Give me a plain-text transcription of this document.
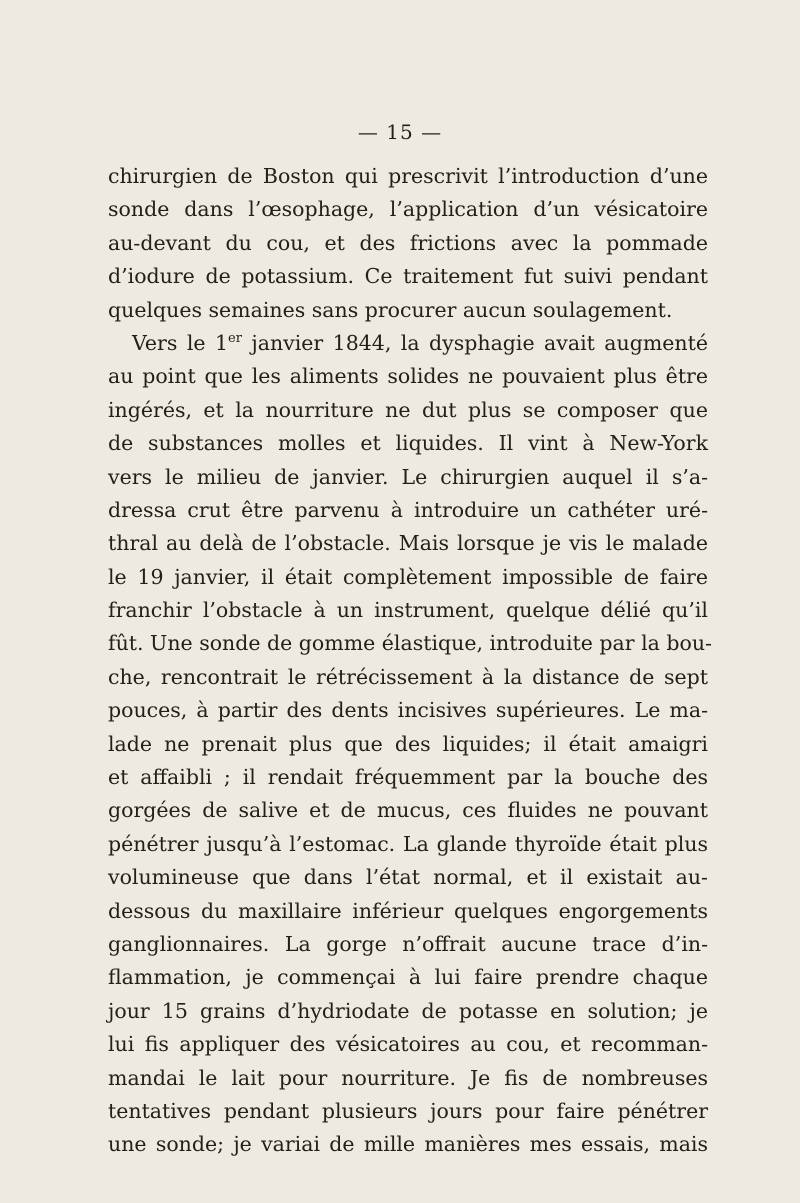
— 15 —
chirurgien de Boston qui prescrivit l’introduction d’une
sonde dans l’œsophage, l’application d’un vésicatoire
au-devant du cou, et des frictions avec la pommade
d’iodure de potassium. Ce traitement fut suivi pendant
quelques semaines sans procurer aucun soulagement.
Vers le 1er janvier 1844, la dysphagie avait augmenté
au point que les aliments solides ne pouvaient plus être
ingérés, et la nourriture ne dut plus se composer que
de substances molles et liquides. Il vint à New-York
vers le milieu de janvier. Le chirurgien auquel il s’a-
dressa crut être parvenu à introduire un cathéter uré-
thral au delà de l’obstacle. Mais lorsque je vis le malade
le 19 janvier, il était complètement impossible de faire
franchir l’obstacle à un instrument, quelque délié qu’il
fût. Une sonde de gomme élastique, introduite par la bou-
che, rencontrait le rétrécissement à la distance de sept
pouces, à partir des dents incisives supérieures. Le ma-
lade ne prenait plus que des liquides; il était amaigri
et affaibli ; il rendait fréquemment par la bouche des
gorgées de salive et de mucus, ces fluides ne pouvant
pénétrer jusqu’à l’estomac. La glande thyroïde était plus
volumineuse que dans l’état normal, et il existait au-
dessous du maxillaire inférieur quelques engorgements
ganglionnaires. La gorge n’offrait aucune trace d’in-
flammation, je commençai à lui faire prendre chaque
jour 15 grains d’hydriodate de potasse en solution; je
lui fis appliquer des vésicatoires au cou, et recomman-
mandai le lait pour nourriture. Je fis de nombreuses
tentatives pendant plusieurs jours pour faire pénétrer
une sonde; je variai de mille manières mes essais, mais
